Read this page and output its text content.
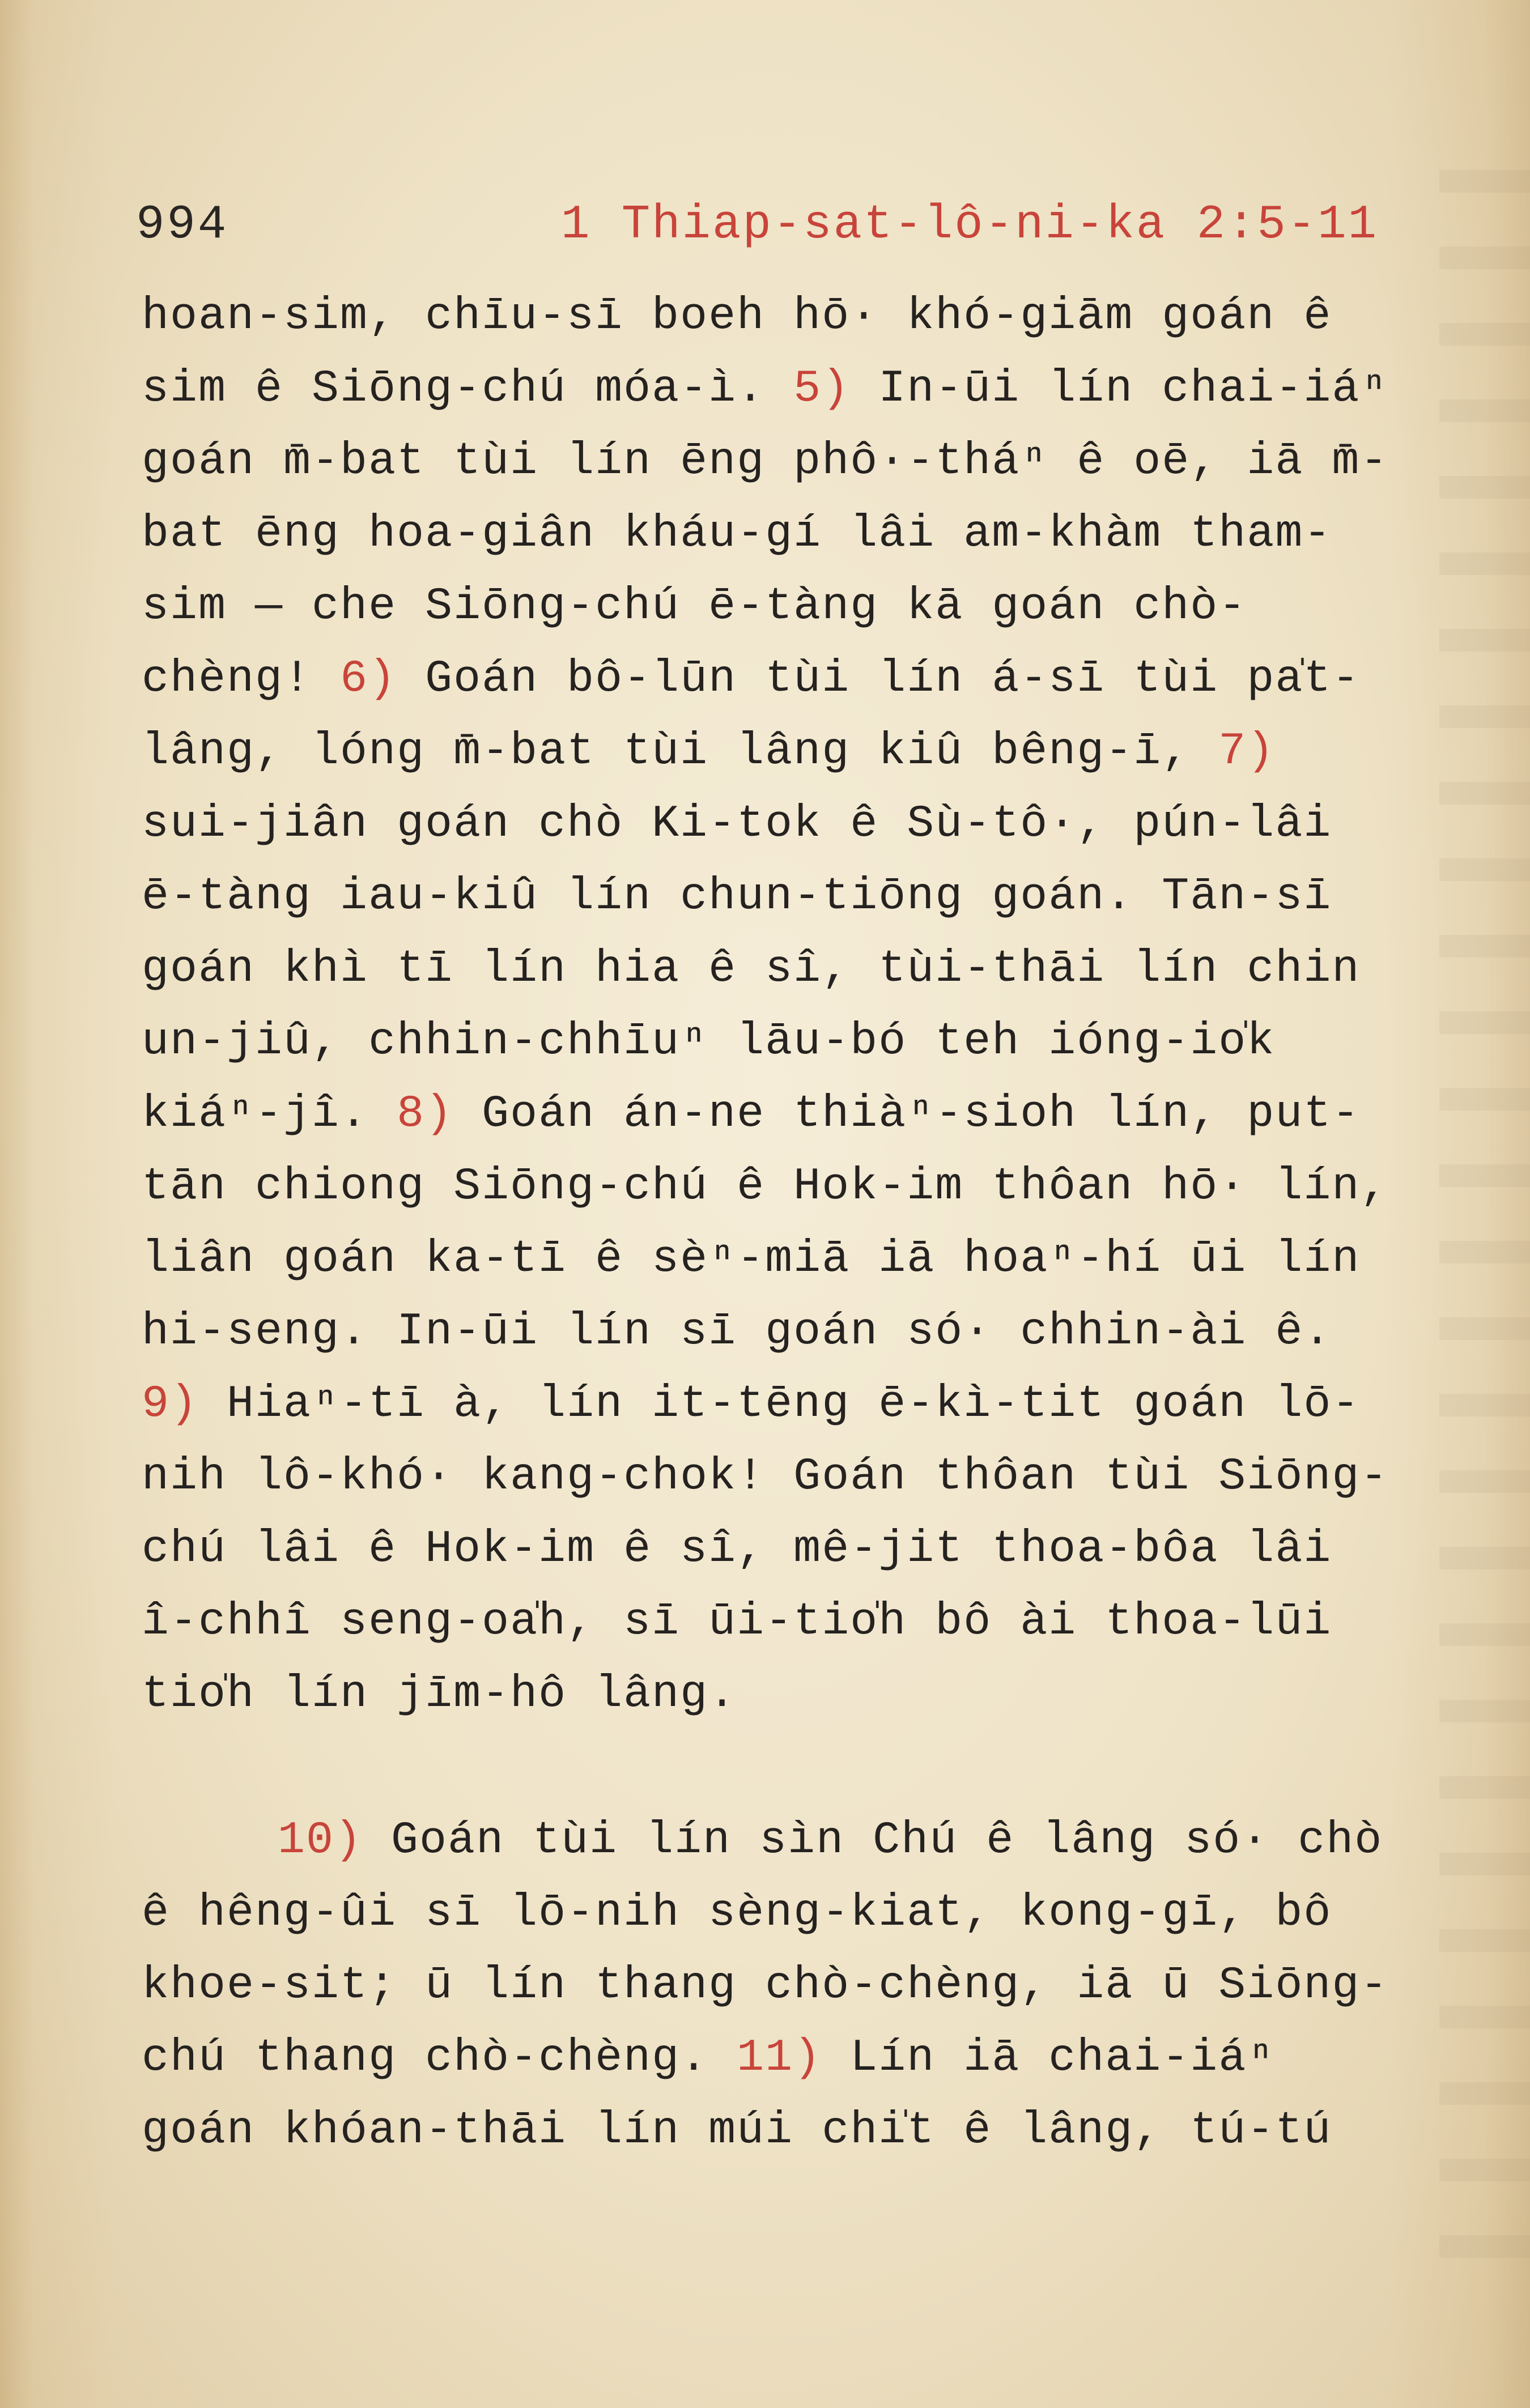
994	1 Thiap-sat-lô-ni-ka 2:5-11
hoan-sim, chīu-sī boeh hō· khó-giām goán ê
sim ê Siōng-chú móa-ì. 5) In-ūi lín chai-iáⁿ
goán m̄-bat tùi lín ēng phô·-tháⁿ ê oē, iā m̄-
bat ēng hoa-giân kháu-gí lâi am-khàm tham-
sim — che Siōng-chú ē-tàng kā goán chò-
chèng! 6) Goán bô-lūn tùi lín á-sī tùi pa̍t-
lâng, lóng m̄-bat tùi lâng kiû bêng-ī, 7)
sui-jiân goán chò Ki-tok ê Sù-tô·, pún-lâi
ē-tàng iau-kiû lín chun-tiōng goán. Tān-sī
goán khì tī lín hia ê sî, tùi-thāi lín chin
un-jiû, chhin-chhīuⁿ lāu-bó teh ióng-io̍k
kiáⁿ-jî. 8) Goán án-ne thiàⁿ-sioh lín, put-
tān chiong Siōng-chú ê Hok-im thôan hō· lín,
liân goán ka-tī ê sèⁿ-miā iā hoaⁿ-hí ūi lín
hi-seng. In-ūi lín sī goán só· chhin-ài ê.
9) Hiaⁿ-tī à, lín it-tēng ē-kì-tit goán lō-
nih lô-khó· kang-chok! Goán thôan tùi Siōng-
chú lâi ê Hok-im ê sî, mê-jit thoa-bôa lâi
î-chhî seng-oa̍h, sī ūi-tio̍h bô ài thoa-lūi
tio̍h lín jīm-hô lâng.
10) Goán tùi lín sìn Chú ê lâng só· chò
ê hêng-ûi sī lō-nih sèng-kiat, kong-gī, bô
khoe-sit; ū lín thang chò-chèng, iā ū Siōng-
chú thang chò-chèng. 11) Lín iā chai-iáⁿ
goán khóan-thāi lín múi chi̍t ê lâng, tú-tú
